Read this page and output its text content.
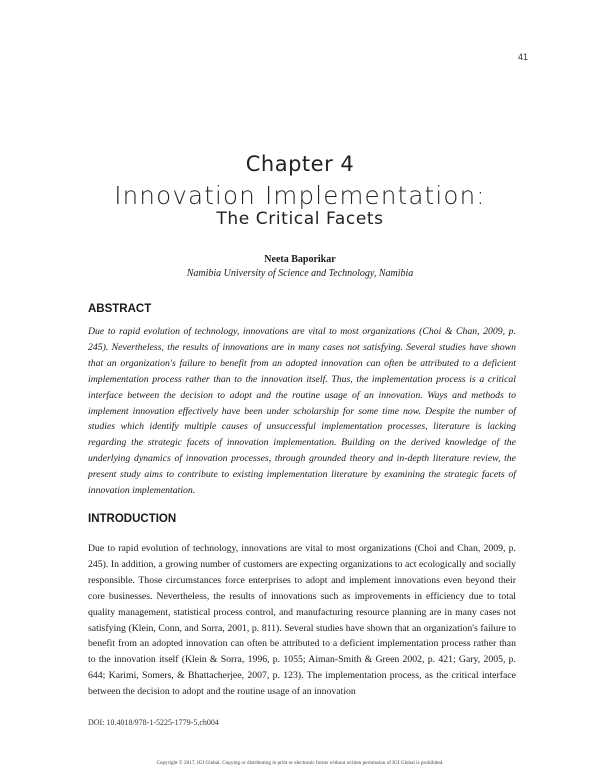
41
Chapter 4
Innovation Implementation:
The Critical Facets
Neeta Baporikar
Namibia University of Science and Technology, Namibia
ABSTRACT
Due to rapid evolution of technology, innovations are vital to most organizations (Choi & Chan, 2009, p. 245). Nevertheless, the results of innovations are in many cases not satisfying. Several studies have shown that an organization's failure to benefit from an adopted innovation can often be attributed to a deficient implementation process rather than to the innovation itself. Thus, the implementation process is a critical interface between the decision to adopt and the routine usage of an innovation. Ways and methods to implement innovation effectively have been under scholarship for some time now. Despite the number of studies which identify multiple causes of unsuccessful implementation processes, literature is lacking regarding the strategic facets of innovation implementation. Building on the derived knowledge of the underlying dynamics of innovation processes, through grounded theory and in-depth literature review, the present study aims to contribute to existing implementation literature by examining the strategic facets of innovation implementation.
INTRODUCTION
Due to rapid evolution of technology, innovations are vital to most organizations (Choi and Chan, 2009, p. 245). In addition, a growing number of customers are expecting organizations to act ecologically and socially responsible. Those circumstances force enterprises to adopt and implement innovations even beyond their core businesses. Nevertheless, the results of innovations such as improvements in efficiency due to total quality management, statistical process control, and manufacturing resource planning are in many cases not satisfying (Klein, Conn, and Sorra, 2001, p. 811). Several studies have shown that an organization's failure to benefit from an adopted innovation can often be attributed to a deficient implementation process rather than to the innovation itself (Klein & Sorra, 1996, p. 1055; Aiman-Smith & Green 2002, p. 421; Gary, 2005, p. 644; Karimi, Somers, & Bhattacherjee, 2007, p. 123). The implementation process, as the critical interface between the decision to adopt and the routine usage of an innovation
DOI: 10.4018/978-1-5225-1779-5.ch004
Copyright © 2017, IGI Global. Copying or distributing in print or electronic forms without written permission of IGI Global is prohibited.
